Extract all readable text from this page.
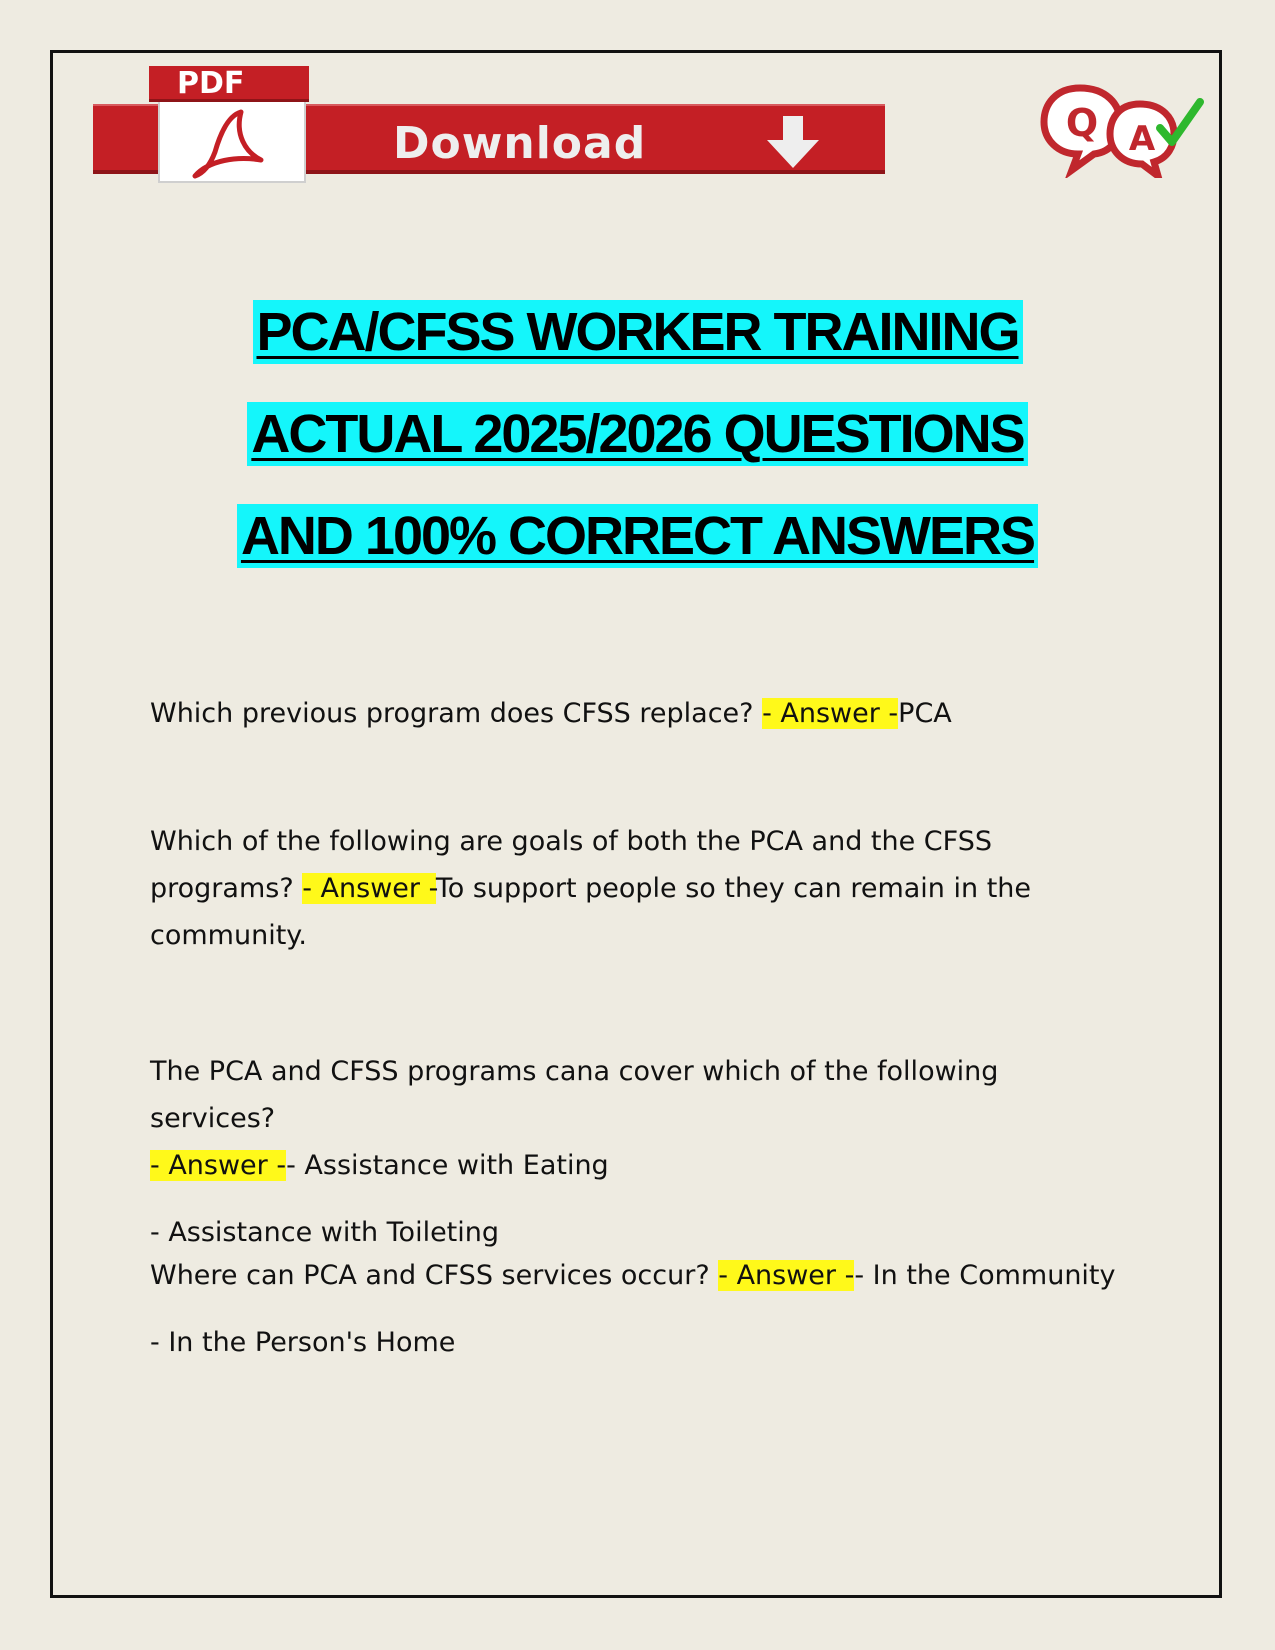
PDF
Download	Q A
PCA/CFSS WORKER TRAINING
ACTUAL 2025/2026 QUESTIONS
AND 100% CORRECT ANSWERS

Which previous program does CFSS replace? - Answer -PCA

Which of the following are goals of both the PCA and the CFSS

programs? - Answer -To support people so they can remain in the

community.

The PCA and CFSS programs cana cover which of the following services?

- Answer -- Assistance with Eating

- Assistance with Toileting

Where can PCA and CFSS services occur? - Answer -- In the Community

- In the Person's Home
